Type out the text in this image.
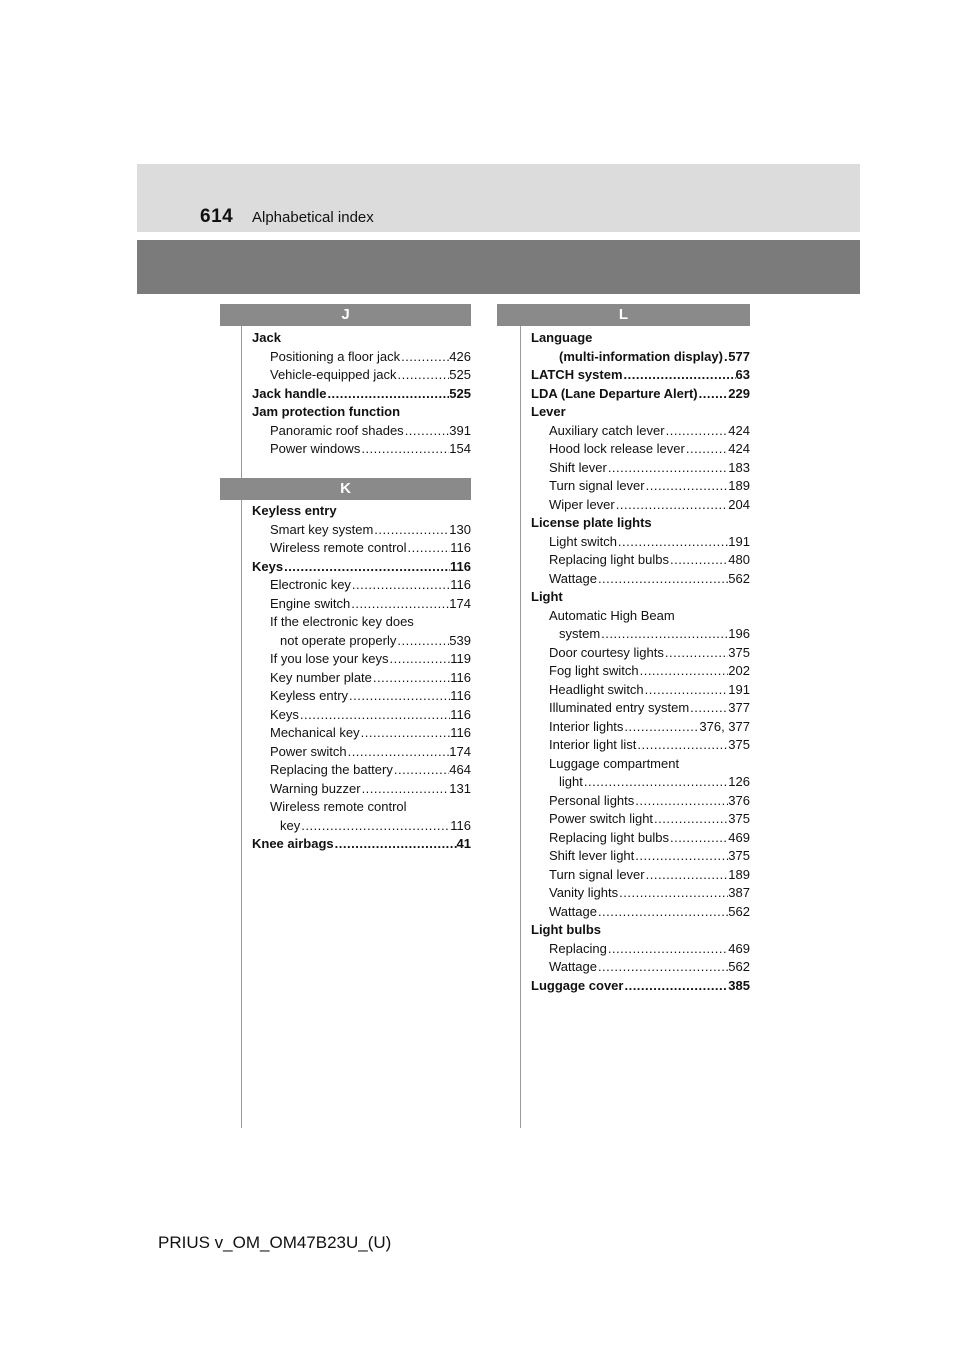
614 Alphabetical index
J
Jack
Positioning a floor jack .....	426
Vehicle-equipped jack .....	525
Jack handle .....	525
Jam protection function
Panoramic roof shades .....	391
Power windows .....	154
K
Keyless entry
Smart key system .....	130
Wireless remote control .....	116
Keys .....	116
Electronic key .....	116
Engine switch .....	174
If the electronic key does
not operate properly .....	539
If you lose your keys .....	119
Key number plate .....	116
Keyless entry .....	116
Keys .....	116
Mechanical key .....	116
Power switch .....	174
Replacing the battery .....	464
Warning buzzer .....	131
Wireless remote control
key .....	116
Knee airbags .....	41
L
Language
(multi-information display) ..... 577
LATCH system .....	63
LDA (Lane Departure Alert) ..... 229
Lever
Auxiliary catch lever .....	424
Hood lock release lever .....	424
Shift lever .....	183
Turn signal lever .....	189
Wiper lever .....	204
License plate lights
Light switch .....	191
Replacing light bulbs .....	480
Wattage .....	562
Light
Automatic High Beam
system .....	196
Door courtesy lights .....	375
Fog light switch .....	202
Headlight switch .....	191
Illuminated entry system .....	377
Interior lights .....	376, 377
Interior light list .....	375
Luggage compartment
light .....	126
Personal lights .....	376
Power switch light .....	375
Replacing light bulbs .....	469
Shift lever light .....	375
Turn signal lever .....	189
Vanity lights .....	387
Wattage .....	562
Light bulbs
Replacing .....	469
Wattage .....	562
Luggage cover .....	385
PRIUS v_OM_OM47B23U_(U)
